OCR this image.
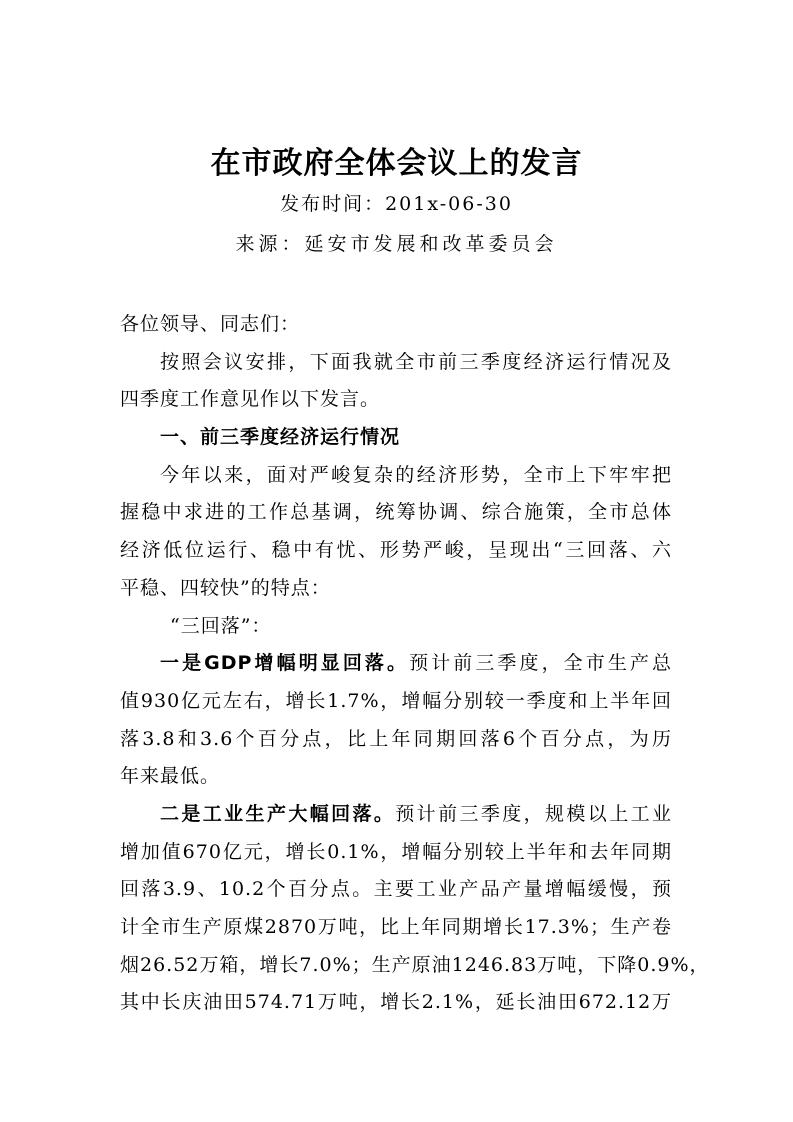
在市政府全体会议上的发言
发布时间：201x-06-30
来源：延安市发展和改革委员会
各位领导、同志们：
按照会议安排，下面我就全市前三季度经济运行情况及
四季度工作意见作以下发言。
一、前三季度经济运行情况
今年以来，面对严峻复杂的经济形势，全市上下牢牢把
握稳中求进的工作总基调，统筹协调、综合施策，全市总体
经济低位运行、稳中有忧、形势严峻，呈现出“三回落、六
平稳、四较快”的特点：
“三回落”：
一是GDP增幅明显回落。预计前三季度，全市生产总
值930亿元左右，增长1.7%，增幅分别较一季度和上半年回
落3.8和3.6个百分点，比上年同期回落6个百分点，为历
年来最低。
二是工业生产大幅回落。预计前三季度，规模以上工业
增加值670亿元，增长0.1%，增幅分别较上半年和去年同期
回落3.9、10.2个百分点。主要工业产品产量增幅缓慢，预
计全市生产原煤2870万吨，比上年同期增长17.3%；生产卷
烟26.52万箱，增长7.0%；生产原油1246.83万吨，下降0.9%，
其中长庆油田574.71万吨，增长2.1%，延长油田672.12万
